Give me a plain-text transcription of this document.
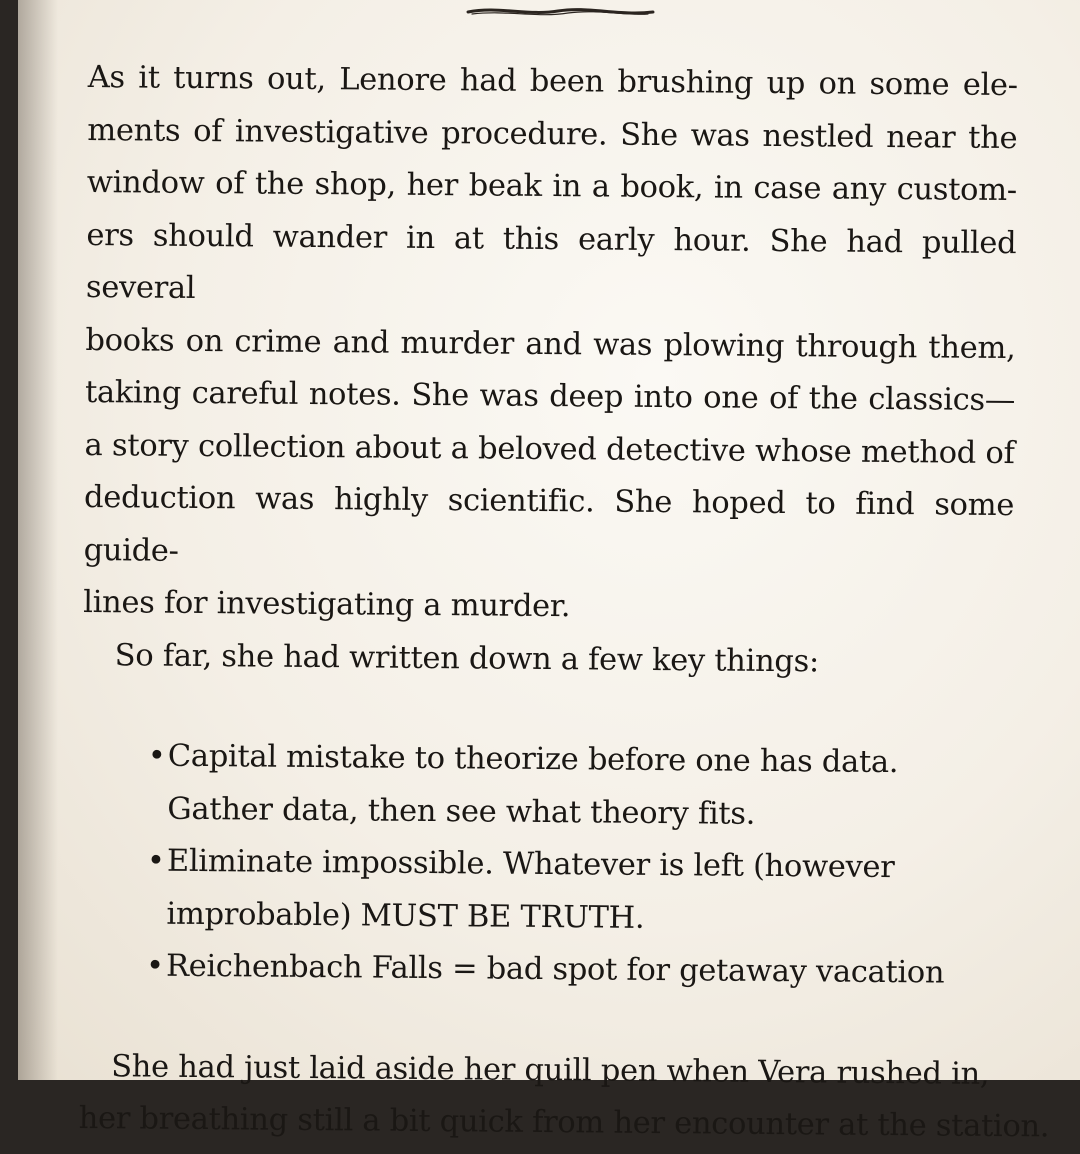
As it turns out, Lenore had been brushing up on some ele-
ments of investigative procedure. She was nestled near the
window of the shop, her beak in a book, in case any custom-
ers should wander in at this early hour. She had pulled several
books on crime and murder and was plowing through them,
taking careful notes. She was deep into one of the classics—
a story collection about a beloved detective whose method of
deduction was highly scientific. She hoped to find some guide-
lines for investigating a murder.
So far, she had written down a few key things:
• Capital mistake to theorize before one has data.
Gather data, then see what theory fits.
• Eliminate impossible. Whatever is left (however
improbable) MUST BE TRUTH.
• Reichenbach Falls = bad spot for getaway vacation
She had just laid aside her quill pen when Vera rushed in,
her breathing still a bit quick from her encounter at the station.
